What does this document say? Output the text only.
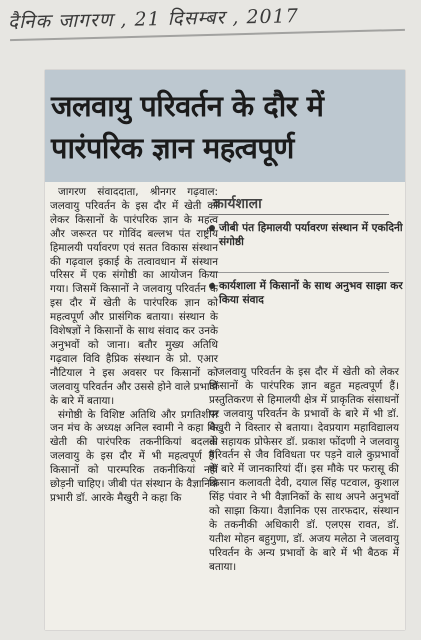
दैनिक जागरण , 21 दिसम्बर , 2017
जलवायु परिवर्तन के दौर में
पारंपरिक ज्ञान महत्वपूर्ण
कार्यशाला
जीबी पंत हिमालयी पर्यावरण संस्थान में एकदिनी संगोष्ठी
कार्यशाला में किसानों के साथ अनुभव साझा कर किया संवाद

जागरण संवाददाता, श्रीनगर गढ़वाल: जलवायु परिवर्तन के इस दौर में खेती को लेकर किसानों के पारंपरिक ज्ञान के महत्व और जरूरत पर गोविंद बल्लभ पंत राष्ट्रीय हिमालयी पर्यावरण एवं सतत विकास संस्थान की गढ़वाल इकाई के तत्वावधान में संस्थान परिसर में एक संगोष्ठी का आयोजन किया गया। जिसमें किसानों ने जलवायु परिवर्तन के इस दौर में खेती के पारंपरिक ज्ञान को महत्वपूर्ण और प्रासंगिक बताया। संस्थान के विशेषज्ञों ने किसानों के साथ संवाद कर उनके अनुभवों को जाना। बतौर मुख्य अतिथि गढ़वाल विवि हैप्रिक संस्थान के प्रो. एआर नौटियाल ने इस अवसर पर किसानों को जलवायु परिवर्तन और उससे होने वाले प्रभावों के बारे में बताया।

संगोष्ठी के विशिष्ट अतिथि और प्रगतिशील जन मंच के अध्यक्ष अनिल स्वामी ने कहा कि खेती की पारंपरिक तकनीकियां बदलती जलवायु के इस दौर में भी महत्वपूर्ण हैं। किसानों को पारम्परिक तकनीकियां नहीं छोड़नी चाहिए। जीबी पंत संस्थान के वैज्ञानिक प्रभारी डॉ. आरके मैखुरी ने कहा कि

जलवायु परिवर्तन के इस दौर में खेती को लेकर किसानों के पारंपरिक ज्ञान बहुत महत्वपूर्ण हैं। प्रस्तुतिकरण से हिमालयी क्षेत्र में प्राकृतिक संसाधनों पर जलवायु परिवर्तन के प्रभावों के बारे में भी डॉ. मैखुरी ने विस्तार से बताया। देवप्रयाग महाविद्यालय के सहायक प्रोफेसर डॉ. प्रकाश फोंदणी ने जलवायु परिवर्तन से जैव विविधता पर पड़ने वाले कुप्रभावों के बारे में जानकारियां दीं। इस मौके पर फरासू की किसान कलावती देवी, दयाल सिंह पटवाल, कुशाल सिंह पंवार ने भी वैज्ञानिकों के साथ अपने अनुभवों को साझा किया। वैज्ञानिक एस तारफदार, संस्थान के तकनीकी अधिकारी डॉ. एलएस रावत, डॉ. यतीश मोहन बहुगुणा, डॉ. अजय मलेठा ने जलवायु परिवर्तन के अन्य प्रभावों के बारे में भी बैठक में बताया।
